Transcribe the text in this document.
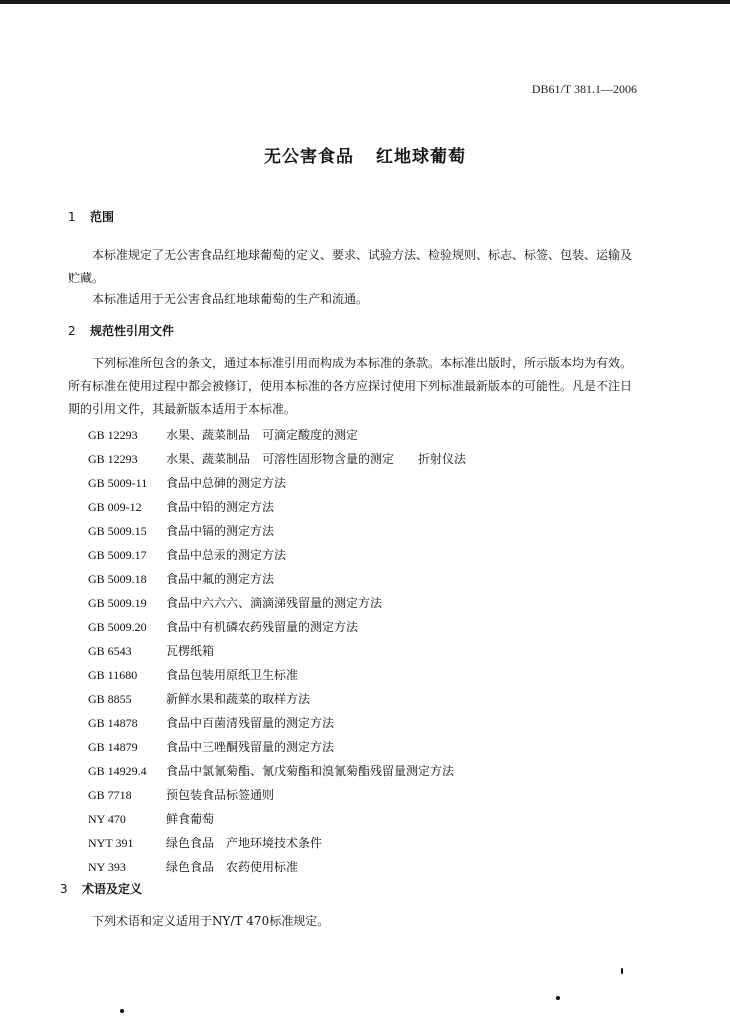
DB61/T 381.1—2006
无公害食品 红地球葡萄
1 范围
本标准规定了无公害食品红地球葡萄的定义、要求、试验方法、检验规则、标志、标签、包装、运输及贮藏。
本标准适用于无公害食品红地球葡萄的生产和流通。
2 规范性引用文件
下列标准所包含的条文，通过本标准引用而构成为本标准的条款。本标准出版时，所示版本均为有效。所有标准在使用过程中都会被修订，使用本标准的各方应探讨使用下列标准最新版本的可能性。凡是不注日期的引用文件，其最新版本适用于本标准。
GB 12293 水果、蔬菜制品　可滴定酸度的测定
GB 12293 水果、蔬菜制品　可溶性固形物含量的测定　　折射仪法
GB 5009-11 食品中总砷的测定方法
GB 009-12 食品中铅的测定方法
GB 5009.15 食品中镉的测定方法
GB 5009.17 食品中总汞的测定方法
GB 5009.18 食品中氟的测定方法
GB 5009.19 食品中六六六、滴滴涕残留量的测定方法
GB 5009.20 食品中有机磷农药残留量的测定方法
GB 6543	瓦楞纸箱
GB 11680 食品包装用原纸卫生标准
GB 8855	新鲜水果和蔬菜的取样方法
GB 14878 食品中百菌清残留量的测定方法
GB 14879 食品中三唑酮残留量的测定方法
GB 14929.4 食品中氯氰菊酯、氰戊菊酯和溴氰菊酯残留量测定方法
GB 7718	预包装食品标签通则
NY 470	鲜食葡萄
NYT 391	绿色食品　产地环境技术条件
NY 393	绿色食品　农药使用标准
3 术语及定义
下列术语和定义适用于NY/T 470标准规定。
